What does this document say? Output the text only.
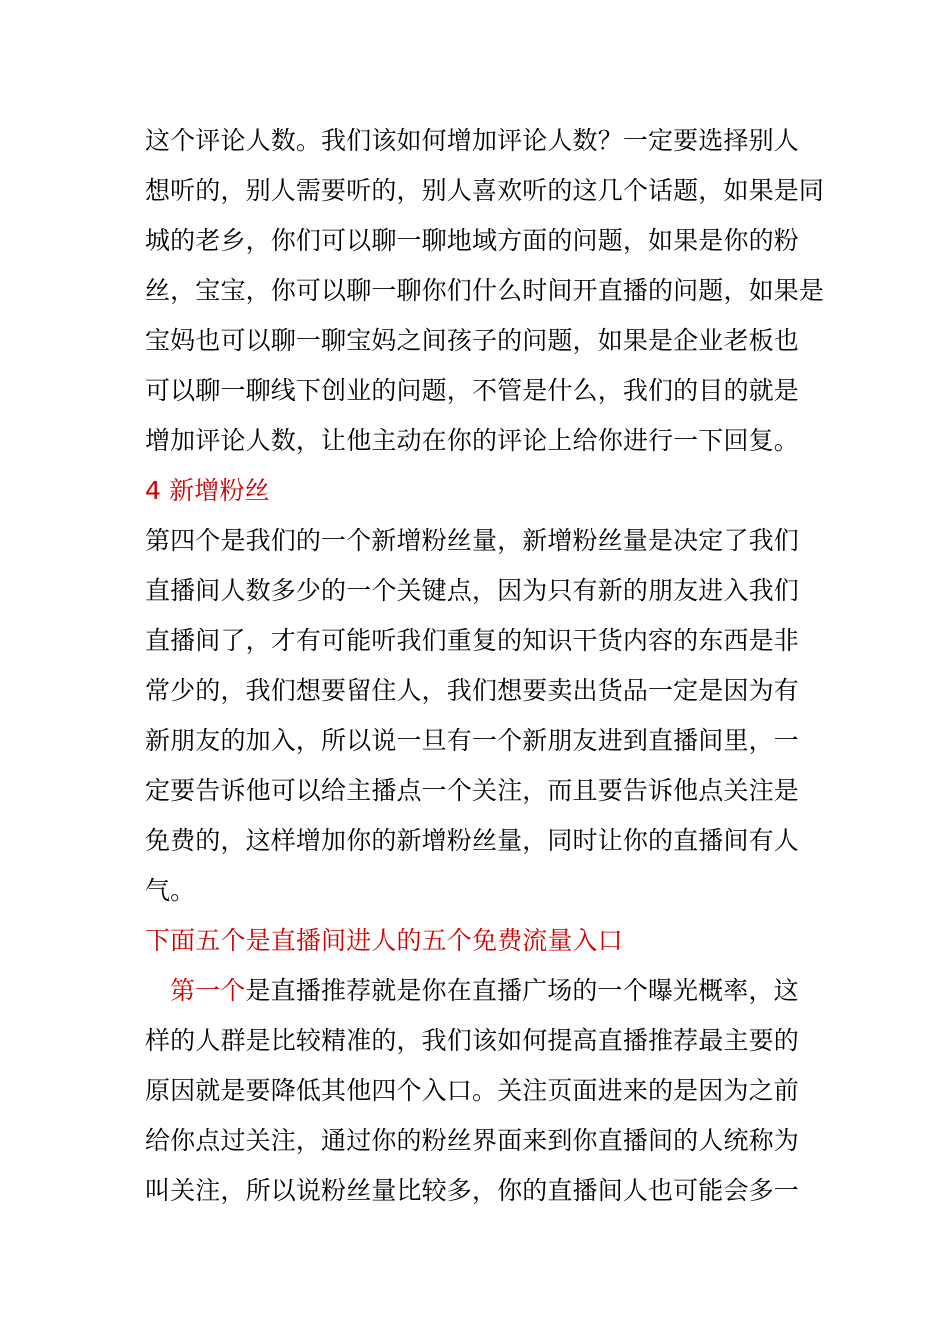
这个评论人数。我们该如何增加评论人数？一定要选择别人
想听的，别人需要听的，别人喜欢听的这几个话题，如果是同
城的老乡，你们可以聊一聊地域方面的问题，如果是你的粉
丝，宝宝，你可以聊一聊你们什么时间开直播的问题，如果是
宝妈也可以聊一聊宝妈之间孩子的问题，如果是企业老板也
可以聊一聊线下创业的问题，不管是什么，我们的目的就是
增加评论人数，让他主动在你的评论上给你进行一下回复。
4 新增粉丝
第四个是我们的一个新增粉丝量，新增粉丝量是决定了我们
直播间人数多少的一个关键点，因为只有新的朋友进入我们
直播间了，才有可能听我们重复的知识干货内容的东西是非
常少的，我们想要留住人，我们想要卖出货品一定是因为有
新朋友的加入，所以说一旦有一个新朋友进到直播间里，一
定要告诉他可以给主播点一个关注，而且要告诉他点关注是
免费的，这样增加你的新增粉丝量，同时让你的直播间有人
气。
下面五个是直播间进人的五个免费流量入口
第一个是直播推荐就是你在直播广场的一个曝光概率，这
样的人群是比较精准的，我们该如何提高直播推荐最主要的
原因就是要降低其他四个入口。关注页面进来的是因为之前
给你点过关注，通过你的粉丝界面来到你直播间的人统称为
叫关注，所以说粉丝量比较多，你的直播间人也可能会多一
